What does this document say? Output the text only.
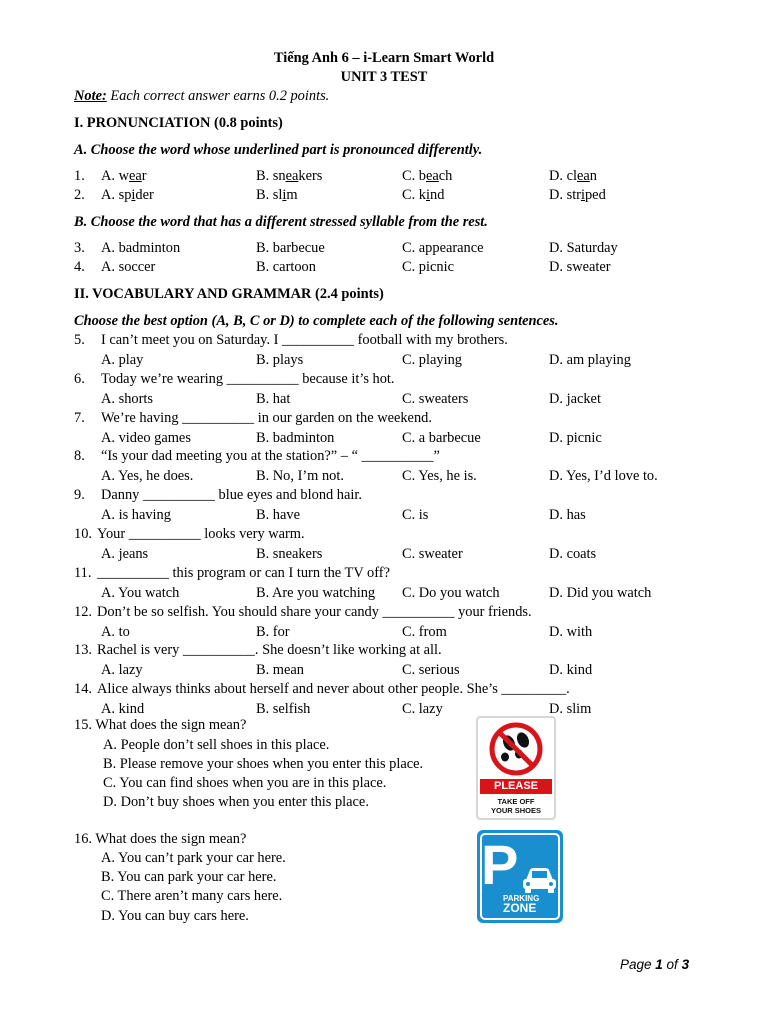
Tiếng Anh 6 – i-Learn Smart World
UNIT 3 TEST
Note: Each correct answer earns 0.2 points.
I. PRONUNCIATION (0.8 points)
A. Choose the word whose underlined part is pronounced differently.
1. A. wear	B. sneakers	C. beach	D. clean
2. A. spider	B. slim	C. kind	D. striped
B. Choose the word that has a different stressed syllable from the rest.
3. A. badminton	B. barbecue	C. appearance	D. Saturday
4. A. soccer	B. cartoon	C. picnic	D. sweater
II. VOCABULARY AND GRAMMAR (2.4 points)
Choose the best option (A, B, C or D) to complete each of the following sentences.
5. I can’t meet you on Saturday. I __________ football with my brothers.
A. play	B. plays	C. playing	D. am playing
6. Today we’re wearing __________ because it’s hot.
A. shorts	B. hat	C. sweaters	D. jacket
7. We’re having __________ in our garden on the weekend.
A. video games	B. badminton	C. a barbecue	D. picnic
8. “Is your dad meeting you at the station?” – “ __________”
A. Yes, he does.	B. No, I’m not.	C. Yes, he is.	D. Yes, I’d love to.
9. Danny __________ blue eyes and blond hair.
A. is having	B. have	C. is	D. has
10. Your __________ looks very warm.
A. jeans	B. sneakers	C. sweater	D. coats
11. __________ this program or can I turn the TV off?
A. You watch	B. Are you watching C. Do you watch	D. Did you watch
12. Don’t be so selfish. You should share your candy __________ your friends.
A. to	B. for	C. from	D. with
13. Rachel is very __________. She doesn’t like working at all.
A. lazy	B. mean	C. serious	D. kind
14. Alice always thinks about herself and never about other people. She’s _________.
A. kind	B. selfish	C. lazy	D. slim
15. What does the sign mean?
A. People don’t sell shoes in this place.
B. Please remove your shoes when you enter this place.
C. You can find shoes when you are in this place.
D. Don’t buy shoes when you enter this place.
PLEASE
TAKE OFF
YOUR SHOES
16. What does the sign mean?
A. You can’t park your car here.
B. You can park your car here.
C. There aren’t many cars here.
D. You can buy cars here.
P
PARKING
ZONE
Page 1 of 3
